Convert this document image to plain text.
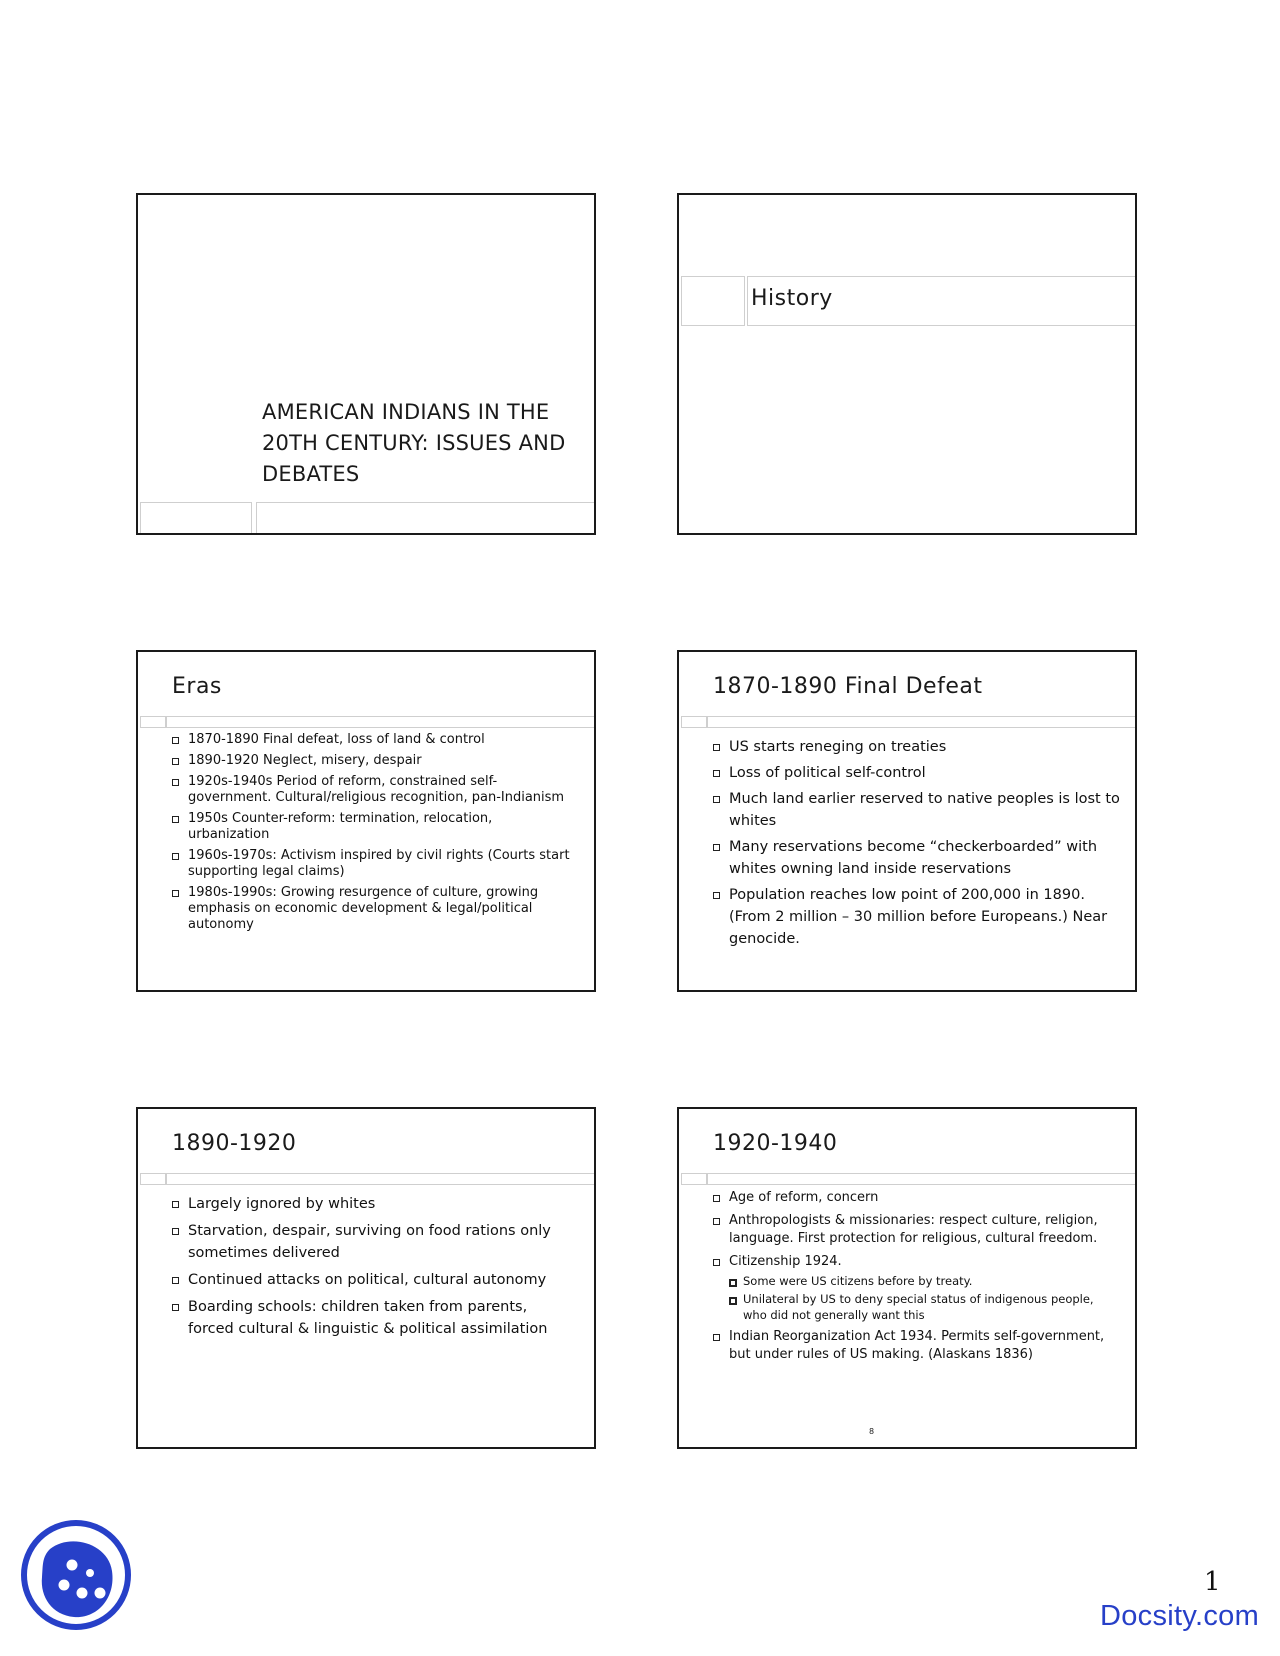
AMERICAN INDIANS IN THE 20TH CENTURY: ISSUES AND DEBATES
History
Eras
1870-1890 Final defeat, loss of land & control
1890-1920 Neglect, misery, despair
1920s-1940s Period of reform, constrained self-government. Cultural/religious recognition, pan-Indianism
1950s Counter-reform: termination, relocation, urbanization
1960s-1970s: Activism inspired by civil rights (Courts start supporting legal claims)
1980s-1990s: Growing resurgence of culture, growing emphasis on economic development & legal/political autonomy
1870-1890 Final Defeat
US starts reneging on treaties
Loss of political self-control
Much land earlier reserved to native peoples is lost to whites
Many reservations become “checkerboarded” with whites owning land inside reservations
Population reaches low point of 200,000 in 1890. (From 2 million – 30 million before Europeans.) Near genocide.
1890-1920
Largely ignored by whites
Starvation, despair, surviving on food rations only sometimes delivered
Continued attacks on political, cultural autonomy
Boarding schools: children taken from parents, forced cultural & linguistic & political assimilation
1920-1940
Age of reform, concern
Anthropologists & missionaries: respect culture, religion, language. First protection for religious, cultural freedom.
Citizenship 1924.
Some were US citizens before by treaty.
Unilateral by US to deny special status of indigenous people, who did not generally want this
Indian Reorganization Act 1934. Permits self-government, but under rules of US making. (Alaskans 1836)
8
1
Docsity.com
